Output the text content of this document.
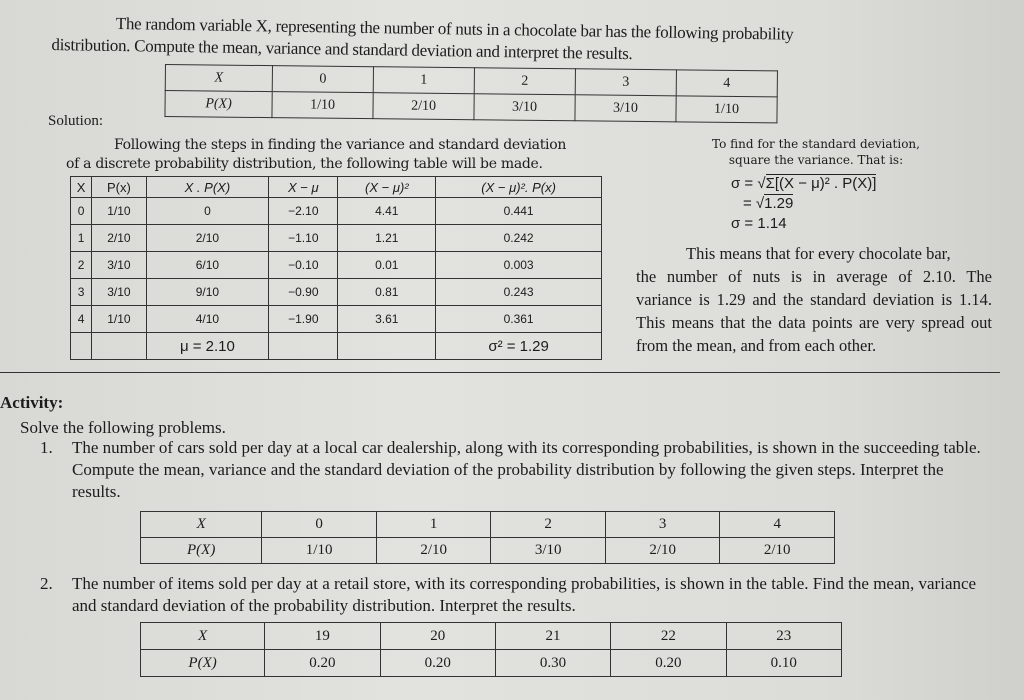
The random variable X, representing the number of nuts in a chocolate bar has the following probability

distribution. Compute the mean, variance and standard deviation and interpret the results.

X	0	1	2	3	4
P(X)	1/10	2/10	3/10	3/10	1/10
Solution:

Following the steps in finding the variance and standard deviation

of a discrete probability distribution, the following table will be made.

X	P(x)	X . P(X)	X − μ	(X − μ)²	(X − μ)². P(x)
0	1/10	0	−2.10	4.41	0.441
1	2/10	2/10	−1.10	1.21	0.242
2	3/10	6/10	−0.10	0.01	0.003
3	3/10	9/10	−0.90	0.81	0.243
4	1/10	4/10	−1.90	3.61	0.361
		μ = 2.10			σ² = 1.29

To find for the standard deviation,

square the variance. That is:

σ = √Σ[(X − μ)² . P(X)]
= √1.29
σ = 1.14

This means that for every chocolate bar,

the number of nuts is in average of 2.10. The variance is 1.29 and the standard deviation is 1.14. This means that the data points are very spread out from the mean, and from each other.

Activity:
Solve the following problems.
1. The number of cars sold per day at a local car dealership, along with its corresponding probabilities, is shown in the succeeding table. Compute the mean, variance and the standard deviation of the probability distribution by following the given steps. Interpret the results.

X	0	1	2	3	4
P(X)	1/10	2/10	3/10	2/10	2/10
2. The number of items sold per day at a retail store, with its corresponding probabilities, is shown in the table. Find the mean, variance and standard deviation of the probability distribution. Interpret the results.

X	19	20	21	22	23
P(X)	0.20	0.20	0.30	0.20	0.10
